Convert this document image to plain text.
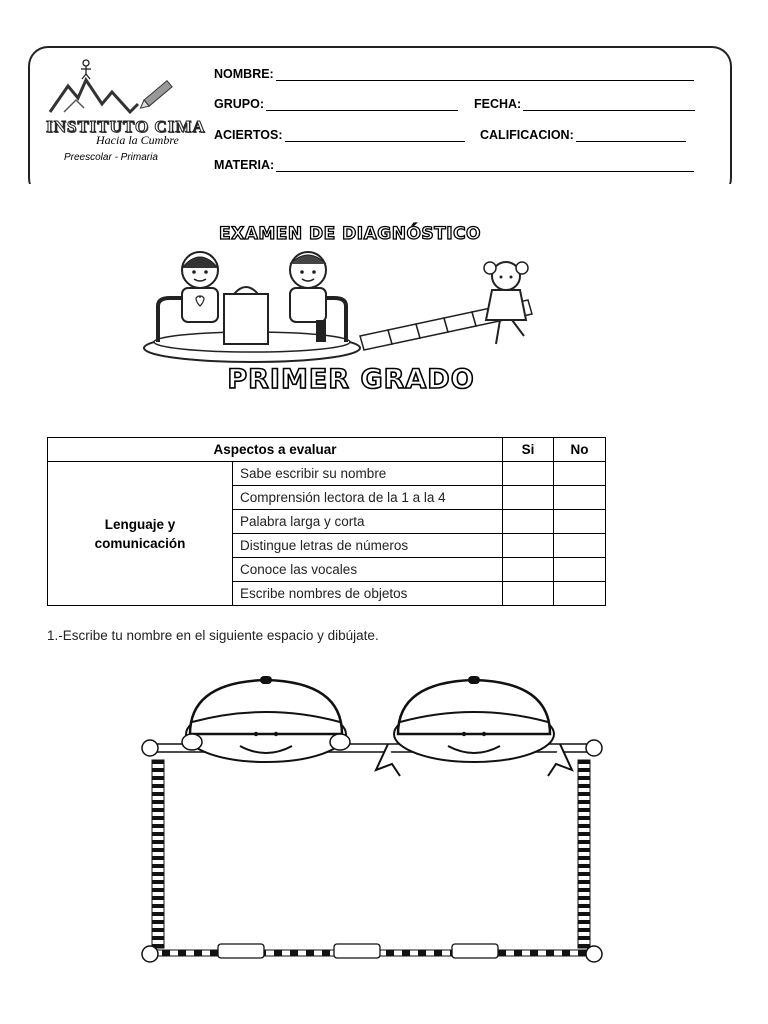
INSTITUTO CIMA
Hacia la Cumbre
Preescolar - Primaria
NOMBRE:
GRUPO:	FECHA:
ACIERTOS:	CALIFICACION:
MATERIA:
EXAMEN DE DIAGNÓSTICO
PRIMER GRADO
Aspectos a evaluar		Si	No
Lenguaje y comunicación	Sabe escribir su nombre		
	Comprensión lectora de la 1 a la 4		
	Palabra larga y corta		
	Distingue letras de números		
	Conoce las vocales		
	Escribe nombres de objetos		
1.-Escribe tu nombre en el siguiente espacio y dibújate.
